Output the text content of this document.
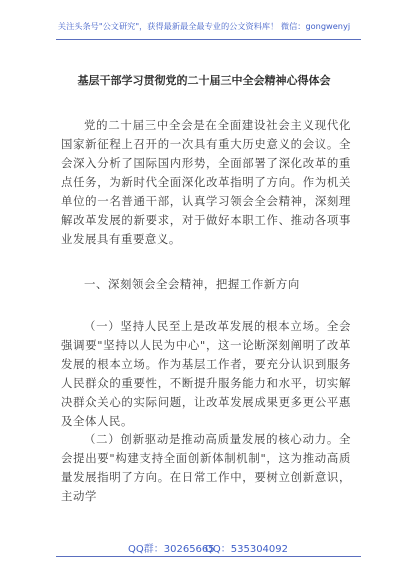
关注头条号"公文研究"，获得最新最全最专业的公文资料库！ 微信：gongwenyj
基层干部学习贯彻党的二十届三中全会精神心得体会

党的二十届三中全会是在全面建设社会主义现代化国家新征程上召开的一次具有重大历史意义的会议。全会深入分析了国际国内形势，全面部署了深化改革的重点任务，为新时代全面深化改革指明了方向。作为机关单位的一名普通干部，认真学习领会全会精神，深刻理解改革发展的新要求，对于做好本职工作、推动各项事业发展具有重要意义。

一、深刻领会全会精神，把握工作新方向

（一）坚持人民至上是改革发展的根本立场。全会强调要"坚持以人民为中心"，这一论断深刻阐明了改革发展的根本立场。作为基层工作者，要充分认识到服务人民群众的重要性，不断提升服务能力和水平，切实解决群众关心的实际问题，让改革发展成果更多更公平惠及全体人民。

（二）创新驱动是推动高质量发展的核心动力。全会提出要"构建支持全面创新体制机制"，这为推动高质量发展指明了方向。在日常工作中，要树立创新意识，主动学

QQ群：30265665
QQ：535304092
